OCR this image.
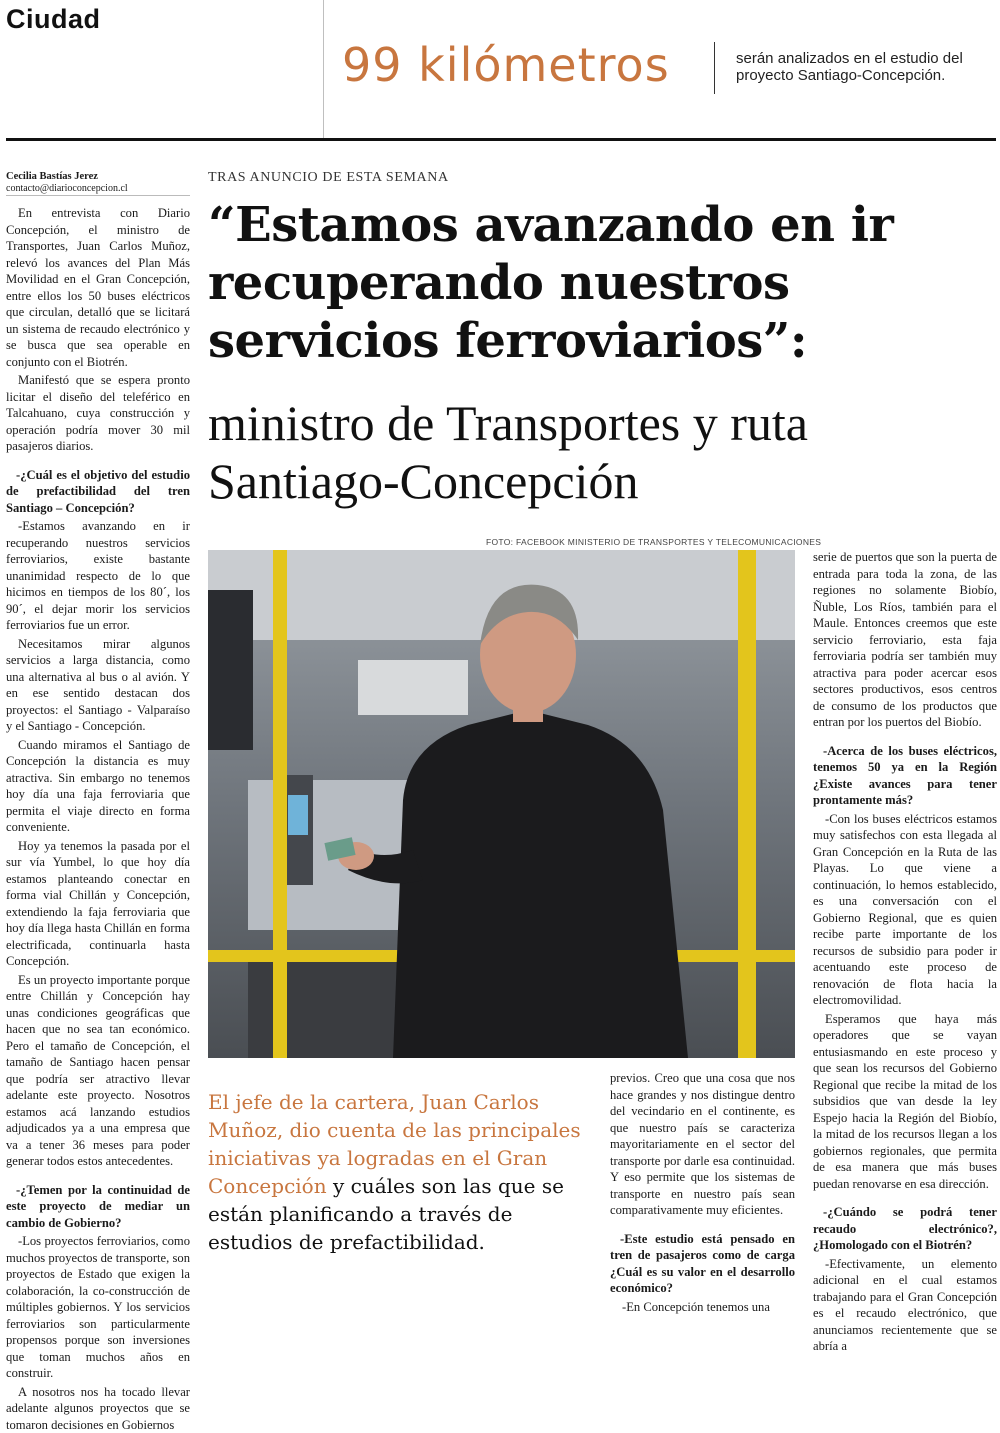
Ciudad
99 kilómetros	serán analizados en el estudio del proyecto Santiago-Concepción.
Cecilia Bastías Jerez
contacto@diarioconcepcion.cl

En entrevista con Diario Concepción, el ministro de Transportes, Juan Carlos Muñoz, relevó los avances del Plan Más Movilidad en el Gran Concepción, entre ellos los 50 buses eléctricos que circulan, detalló que se licitará un sistema de recaudo electrónico y se busca que sea operable en conjunto con el Biotrén.

Manifestó que se espera pronto licitar el diseño del teleférico en Talcahuano, cuya construcción y operación podría mover 30 mil pasajeros diarios.

-¿Cuál es el objetivo del estudio de prefactibilidad del tren Santiago – Concepción?

-Estamos avanzando en ir recuperando nuestros servicios ferroviarios, existe bastante unanimidad respecto de lo que hicimos en tiempos de los 80´, los 90´, el dejar morir los servicios ferroviarios fue un error.

Necesitamos mirar algunos servicios a larga distancia, como una alternativa al bus o al avión. Y en ese sentido destacan dos proyectos: el Santiago - Valparaíso y el Santiago - Concepción.

Cuando miramos el Santiago de Concepción la distancia es muy atractiva. Sin embargo no tenemos hoy día una faja ferroviaria que permita el viaje directo en forma conveniente.

Hoy ya tenemos la pasada por el sur vía Yumbel, lo que hoy día estamos planteando conectar en forma vial Chillán y Concepción, extendiendo la faja ferroviaria que hoy día llega hasta Chillán en forma electrificada, continuarla hasta Concepción.

Es un proyecto importante porque entre Chillán y Concepción hay unas condiciones geográficas que hacen que no sea tan económico. Pero el tamaño de Concepción, el tamaño de Santiago hacen pensar que podría ser atractivo llevar adelante este proyecto. Nosotros estamos acá lanzando estudios adjudicados ya a una empresa que va a tener 36 meses para poder generar todos estos antecedentes.

-¿Temen por la continuidad de este proyecto de mediar un cambio de Gobierno?

-Los proyectos ferroviarios, como muchos proyectos de transporte, son proyectos de Estado que exigen la colaboración, la co-construcción de múltiples gobiernos. Y los servicios ferroviarios son particularmente propensos porque son inversiones que toman muchos años en construir.

A nosotros nos ha tocado llevar adelante algunos proyectos que se tomaron decisiones en Gobiernos

TRAS ANUNCIO DE ESTA SEMANA
“Estamos avanzando en ir recuperando nuestros servicios ferroviarios”:
ministro de Transportes y ruta Santiago-Concepción
FOTO: FACEBOOK MINISTERIO DE TRANSPORTES Y TELECOMUNICACIONES
El jefe de la cartera, Juan Carlos Muñoz, dio cuenta de las principales iniciativas ya logradas en el Gran Concepción y cuáles son las que se están planificando a través de estudios de prefactibilidad.

previos. Creo que una cosa que nos hace grandes y nos distingue dentro del vecindario en el continente, es que nuestro país se caracteriza mayoritariamente en el sector del transporte por darle esa continuidad. Y eso permite que los sistemas de transporte en nuestro país sean comparativamente muy eficientes.

-Este estudio está pensado en tren de pasajeros como de carga ¿Cuál es su valor en el desarrollo económico?

-En Concepción tenemos una

serie de puertos que son la puerta de entrada para toda la zona, de las regiones no solamente Biobío, Ñuble, Los Ríos, también para el Maule. Entonces creemos que este servicio ferroviario, esta faja ferroviaria podría ser también muy atractiva para poder acercar esos sectores productivos, esos centros de consumo de los productos que entran por los puertos del Biobío.

-Acerca de los buses eléctricos, tenemos 50 ya en la Región ¿Existe avances para tener prontamente más?

-Con los buses eléctricos estamos muy satisfechos con esta llegada al Gran Concepción en la Ruta de las Playas. Lo que viene a continuación, lo hemos establecido, es una conversación con el Gobierno Regional, que es quien recibe parte importante de los recursos de subsidio para poder ir acentuando este proceso de renovación de flota hacia la electromovilidad.

Esperamos que haya más operadores que se vayan entusiasmando en este proceso y que sean los recursos del Gobierno Regional que recibe la mitad de los subsidios que van desde la ley Espejo hacia la Región del Biobío, la mitad de los recursos llegan a los gobiernos regionales, que permita de esa manera que más buses puedan renovarse en esa dirección.

-¿Cuándo se podrá tener recaudo electrónico?, ¿Homologado con el Biotrén?

-Efectivamente, un elemento adicional en el cual estamos trabajando para el Gran Concepción es el recaudo electrónico, que anunciamos recientemente que se abría a
